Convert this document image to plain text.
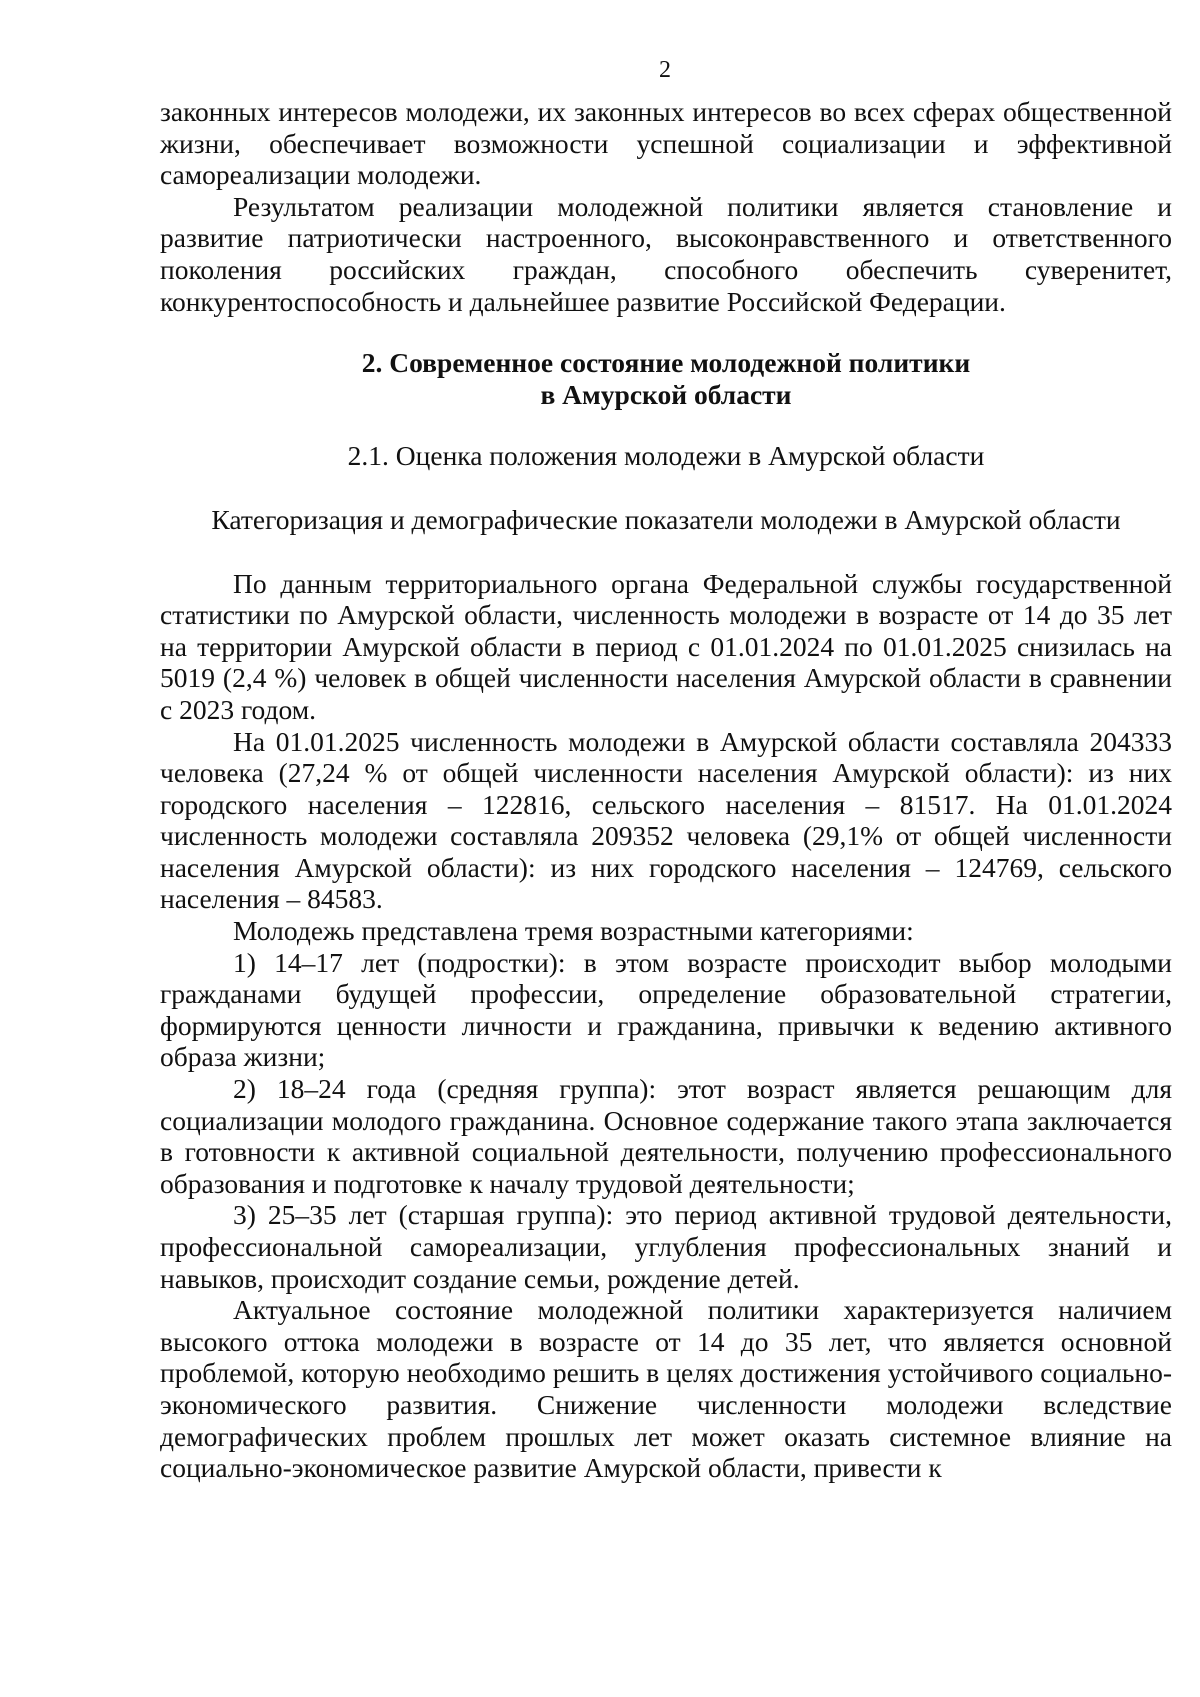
2

законных интересов молодежи, их законных интересов во всех сферах общественной жизни, обеспечивает возможности успешной социализации и эффективной самореализации молодежи.

Результатом реализации молодежной политики является становление и развитие патриотически настроенного, высоконравственного и ответственного поколения российских граждан, способного обеспечить суверенитет, конкурентоспособность и дальнейшее развитие Российской Федерации.

2. Современное состояние молодежной политики
в Амурской области
2.1. Оценка положения молодежи в Амурской области
Категоризация и демографические показатели молодежи в Амурской области

По данным территориального органа Федеральной службы государственной статистики по Амурской области, численность молодежи в возрасте от 14 до 35 лет на территории Амурской области в период с 01.01.2024 по 01.01.2025 снизилась на 5019 (2,4 %) человек в общей численности населения Амурской области в сравнении с 2023 годом.

На 01.01.2025 численность молодежи в Амурской области составляла 204333 человека (27,24 % от общей численности населения Амурской области): из них городского населения – 122816, сельского населения – 81517. На 01.01.2024 численность молодежи составляла 209352 человека (29,1% от общей численности населения Амурской области): из них городского населения – 124769, сельского населения – 84583.

Молодежь представлена тремя возрастными категориями:

1) 14–17 лет (подростки): в этом возрасте происходит выбор молодыми гражданами будущей профессии, определение образовательной стратегии, формируются ценности личности и гражданина, привычки к ведению активного образа жизни;

2) 18–24 года (средняя группа): этот возраст является решающим для социализации молодого гражданина. Основное содержание такого этапа заключается в готовности к активной социальной деятельности, получению профессионального образования и подготовке к началу трудовой деятельности;

3) 25–35 лет (старшая группа): это период активной трудовой деятельности, профессиональной самореализации, углубления профессиональных знаний и навыков, происходит создание семьи, рождение детей.

Актуальное состояние молодежной политики характеризуется наличием высокого оттока молодежи в возрасте от 14 до 35 лет, что является основной проблемой, которую необходимо решить в целях достижения устойчивого социально-экономического развития. Снижение численности молодежи вследствие демографических проблем прошлых лет может оказать системное влияние на социально-экономическое развитие Амурской области, привести к
